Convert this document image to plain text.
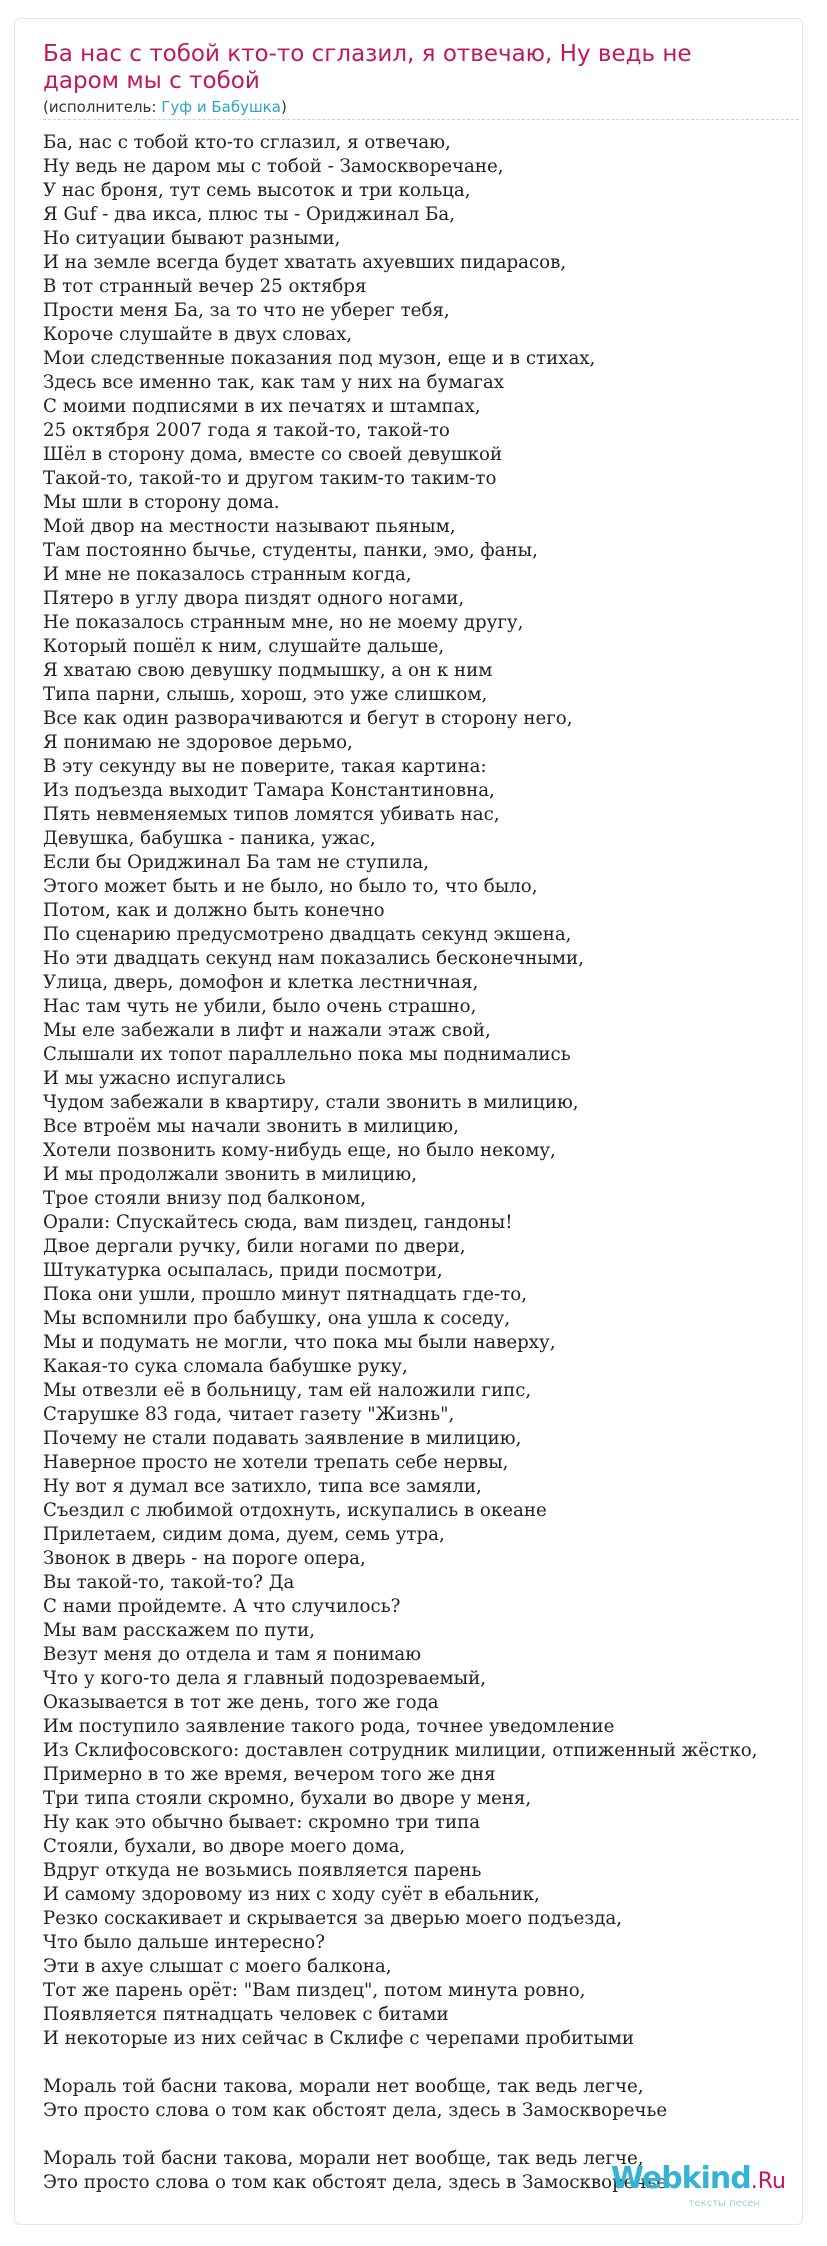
Ба нас с тобой кто-то сглазил, я отвечаю, Ну ведь не даром мы с тобой
(исполнитель: Гуф и Бабушка)
Ба, нас с тобой кто-то сглазил, я отвечаю,
Ну ведь не даром мы с тобой - Замоскворечане,
У нас броня, тут семь высоток и три кольца,
Я Guf - два икса, плюс ты - Ориджинал Ба,
Но ситуации бывают разными,
И на земле всегда будет хватать ахуевших пидарасов,
В тот странный вечер 25 октября
Прости меня Ба, за то что не уберег тебя,
Короче слушайте в двух словах,
Мои следственные показания под музон, еще и в стихах,
Здесь все именно так, как там у них на бумагах
С моими подписями в их печатях и штампах,
25 октября 2007 года я такой-то, такой-то
Шёл в сторону дома, вместе со своей девушкой
Такой-то, такой-то и другом таким-то таким-то
Мы шли в сторону дома.
Мой двор на местности называют пьяным,
Там постоянно бычье, студенты, панки, эмо, фаны,
И мне не показалось странным когда,
Пятеро в углу двора пиздят одного ногами,
Не показалось странным мне, но не моему другу,
Который пошёл к ним, слушайте дальше,
Я хватаю свою девушку подмышку, а он к ним
Типа парни, слышь, хорош, это уже слишком,
Все как один разворачиваются и бегут в сторону него,
Я понимаю не здоровое дерьмо,
В эту секунду вы не поверите, такая картина:
Из подъезда выходит Тамара Константиновна,
Пять невменяемых типов ломятся убивать нас,
Девушка, бабушка - паника, ужас,
Если бы Ориджинал Ба там не ступила,
Этого может быть и не было, но было то, что было,
Потом, как и должно быть конечно
По сценарию предусмотрено двадцать секунд экшена,
Но эти двадцать секунд нам показались бесконечными,
Улица, дверь, домофон и клетка лестничная,
Нас там чуть не убили, было очень страшно,
Мы еле забежали в лифт и нажали этаж свой,
Слышали их топот параллельно пока мы поднимались
И мы ужасно испугались
Чудом забежали в квартиру, стали звонить в милицию,
Все втроём мы начали звонить в милицию,
Хотели позвонить кому-нибудь еще, но было некому,
И мы продолжали звонить в милицию,
Трое стояли внизу под балконом,
Орали: Спускайтесь сюда, вам пиздец, гандоны!
Двое дергали ручку, били ногами по двери,
Штукатурка осыпалась, приди посмотри,
Пока они ушли, прошло минут пятнадцать где-то,
Мы вспомнили про бабушку, она ушла к соседу,
Мы и подумать не могли, что пока мы были наверху,
Какая-то сука сломала бабушке руку,
Мы отвезли её в больницу, там ей наложили гипс,
Старушке 83 года, читает газету "Жизнь",
Почему не стали подавать заявление в милицию,
Наверное просто не хотели трепать себе нервы,
Ну вот я думал все затихло, типа все замяли,
Съездил с любимой отдохнуть, искупались в океане
Прилетаем, сидим дома, дуем, семь утра,
Звонок в дверь - на пороге опера,
Вы такой-то, такой-то? Да
С нами пройдемте. А что случилось?
Мы вам расскажем по пути,
Везут меня до отдела и там я понимаю
Что у кого-то дела я главный подозреваемый,
Оказывается в тот же день, того же года
Им поступило заявление такого рода, точнее уведомление
Из Склифосовского: доставлен сотрудник милиции, отпиженный жёстко,
Примерно в то же время, вечером того же дня
Три типа стояли скромно, бухали во дворе у меня,
Ну как это обычно бывает: скромно три типа
Стояли, бухали, во дворе моего дома,
Вдруг откуда не возьмись появляется парень
И самому здоровому из них с ходу суёт в ебальник,
Резко соскакивает и скрывается за дверью моего подъезда,
Что было дальше интересно?
Эти в ахуе слышат с моего балкона,
Тот же парень орёт: "Вам пиздец", потом минута ровно,
Появляется пятнадцать человек с битами
И некоторые из них сейчас в Склифе с черепами пробитыми
Мораль той басни такова, морали нет вообще, так ведь легче,
Это просто слова о том как обстоят дела, здесь в Замоскворечье
Мораль той басни такова, морали нет вообще, так ведь легче,
Это просто слова о том как обстоят дела, здесь в Замоскворечье
Webkind.Ru
тексты песен
